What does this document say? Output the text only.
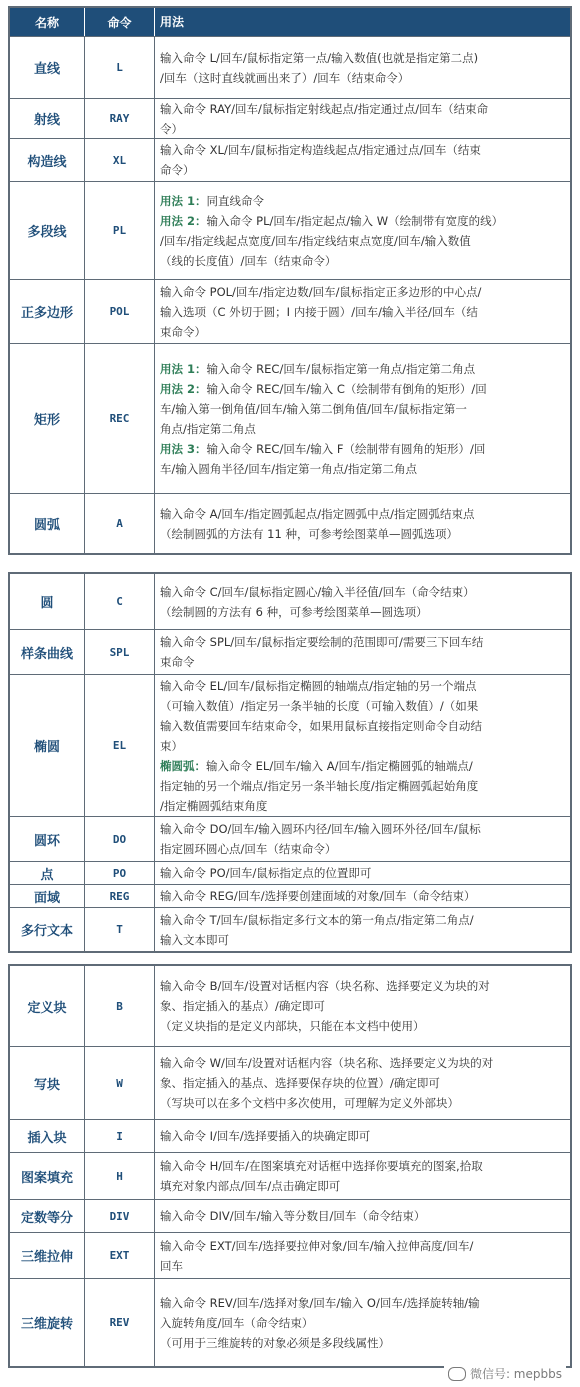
名称	命令	用法
直线	L
输入命令 L/回车/鼠标指定第一点/输入数值(也就是指定第二点)
/回车（这时直线就画出来了）/回车（结束命令）
射线	RAY
输入命令 RAY/回车/鼠标指定射线起点/指定通过点/回车（结束命
令）
构造线	XL
输入命令 XL/回车/鼠标指定构造线起点/指定通过点/回车（结束
命令）
多段线	PL
用法 1：同直线命令
用法 2：输入命令 PL/回车/指定起点/输入 W（绘制带有宽度的线）
/回车/指定线起点宽度/回车/指定线结束点宽度/回车/输入数值
（线的长度值）/回车（结束命令）
正多边形	POL
输入命令 POL/回车/指定边数/回车/鼠标指定正多边形的中心点/
输入选项（C 外切于圆；I 内接于圆）/回车/输入半径/回车（结
束命令）
矩形	REC
用法 1：输入命令 REC/回车/鼠标指定第一角点/指定第二角点
用法 2：输入命令 REC/回车/输入 C（绘制带有倒角的矩形）/回
车/输入第一倒角值/回车/输入第二倒角值/回车/鼠标指定第一
角点/指定第二角点
用法 3：输入命令 REC/回车/输入 F（绘制带有圆角的矩形）/回
车/输入圆角半径/回车/指定第一角点/指定第二角点
圆弧	A
输入命令 A/回车/指定圆弧起点/指定圆弧中点/指定圆弧结束点
（绘制圆弧的方法有 11 种，可参考绘图菜单—圆弧选项）
圆	C
输入命令 C/回车/鼠标指定圆心/输入半径值/回车（命令结束）
（绘制圆的方法有 6 种，可参考绘图菜单—圆选项）
样条曲线	SPL
输入命令 SPL/回车/鼠标指定要绘制的范围即可/需要三下回车结
束命令
椭圆	EL
输入命令 EL/回车/鼠标指定椭圆的轴端点/指定轴的另一个端点
（可输入数值）/指定另一条半轴的长度（可输入数值）/（如果
输入数值需要回车结束命令，如果用鼠标直接指定则命令自动结
束）
椭圆弧：输入命令 EL/回车/输入 A/回车/指定椭圆弧的轴端点/
指定轴的另一个端点/指定另一条半轴长度/指定椭圆弧起始角度
/指定椭圆弧结束角度
圆环	DO
输入命令 DO/回车/输入圆环内径/回车/输入圆环外径/回车/鼠标
指定圆环圆心点/回车（结束命令）
点	PO	输入命令 PO/回车/鼠标指定点的位置即可
面域	REG	输入命令 REG/回车/选择要创建面域的对象/回车（命令结束）
多行文本	T
输入命令 T/回车/鼠标指定多行文本的第一角点/指定第二角点/
输入文本即可
定义块	B
输入命令 B/回车/设置对话框内容（块名称、选择要定义为块的对
象、指定插入的基点）/确定即可
（定义块指的是定义内部块，只能在本文档中使用）
写块	W
输入命令 W/回车/设置对话框内容（块名称、选择要定义为块的对
象、指定插入的基点、选择要保存块的位置）/确定即可
（写块可以在多个文档中多次使用，可理解为定义外部块）
插入块	I	输入命令 I/回车/选择要插入的块确定即可
图案填充	H
输入命令 H/回车/在图案填充对话框中选择你要填充的图案,拾取
填充对象内部点/回车/点击确定即可
定数等分	DIV	输入命令 DIV/回车/输入等分数目/回车（命令结束）
三维拉伸	EXT
输入命令 EXT/回车/选择要拉伸对象/回车/输入拉伸高度/回车/
回车
三维旋转	REV
输入命令 REV/回车/选择对象/回车/输入 O/回车/选择旋转轴/输
入旋转角度/回车（命令结束）
（可用于三维旋转的对象必须是多段线属性）
微信号: mepbbs
